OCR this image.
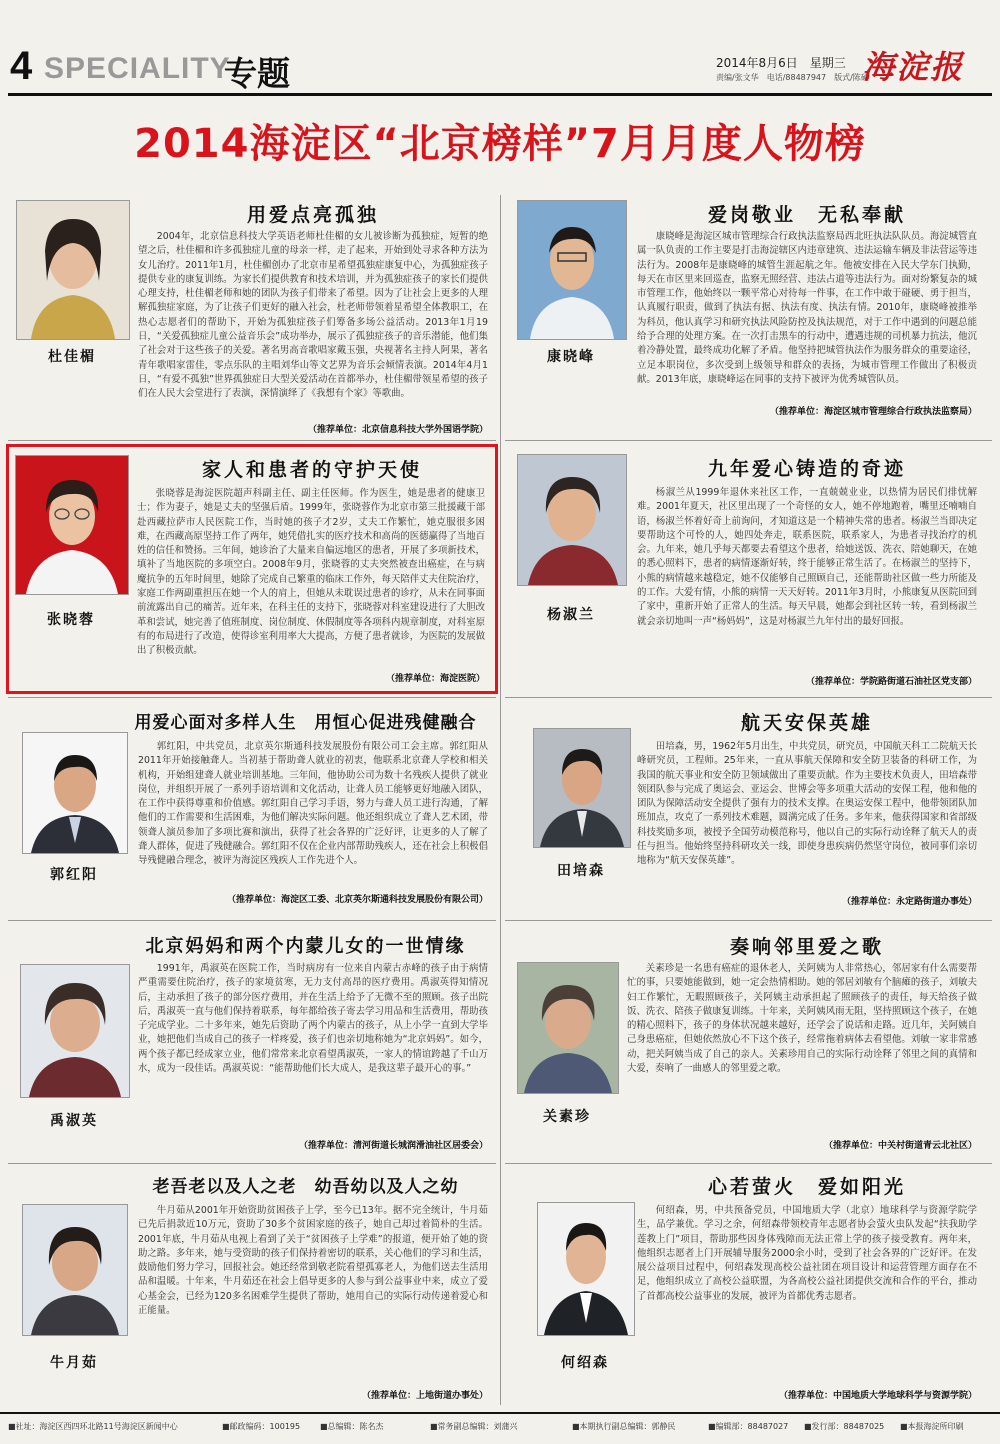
4 SPECIALITY
专题	2014年8月6日　星期三
责编/张文华　电话/88487947　版式/陈硕
海淀报
2014海淀区“北京榜样”7月月度人物榜
杜佳楣
用爱点亮孤独

2004年，北京信息科技大学英语老师杜佳楣的女儿被诊断为孤独症，短暂的绝望之后，杜佳楣和许多孤独症儿童的母亲一样，走了起来，开始到处寻求各种方法为女儿治疗。2011年1月，杜佳楣创办了北京市星希望孤独症康复中心，为孤独症孩子提供专业的康复训练。为家长们提供教育和技术培训，并为孤独症孩子的家长们提供心理支持，杜佳楣老师和她的团队为孩子们带来了希望。因为了让社会上更多的人理解孤独症家庭，为了让孩子们更好的融入社会，杜老师带领着星希望全体教职工，在热心志愿者们的帮助下，开始为孤独症孩子们筹备多场公益活动。2013年1月19日，“关爱孤独症儿童公益音乐会”成功举办，展示了孤独症孩子的音乐潜能，他们集了社会对于这些孩子的关爱。著名男高音歌唱家戴玉强，央视著名主持人阿果，著名青年歌唱家雷佳，零点乐队的主唱刘华山等文艺界为音乐会倾情表演。2014年4月1日，“有爱不孤独”世界孤独症日大型关爱活动在首都举办，杜佳楣带领星希望的孩子们在人民大会堂进行了表演，深情演绎了《我想有个家》等歌曲。

（推荐单位：北京信息科技大学外国语学院）
康晓峰
爱岗敬业　无私奉献

康晓峰是海淀区城市管理综合行政执法监察局西北旺执法队队员。海淀城管直属一队负责的工作主要是打击海淀辖区内违章建筑、违法运输车辆及非法营运等违法行为。2008年是康晓峰的城管生涯起航之年。他被安排在入民大学东门执勤，每天在市区里来回巡查，监察无照经营、违法占道等违法行为。面对纷繁复杂的城市管理工作，他始终以一颗平常心对待每一件事，在工作中敢于碰硬、勇于担当，认真履行职责，做到了执法有据、执法有度、执法有情。2010年，康晓峰被推举为科员，他认真学习和研究执法风险防控及执法规范，对于工作中遇到的问题总能给予合理的处理方案。在一次打击黑车的行动中，遭遇违规的司机暴力抗法，他沉着冷静处置，最终成功化解了矛盾。他坚持把城管执法作为服务群众的重要途径，立足本职岗位，多次受到上级领导和群众的表扬，为城市管理工作做出了积极贡献。2013年底，康晓峰运在同事的支持下被评为优秀城管队员。

（推荐单位：海淀区城市管理综合行政执法监察局）
张晓蓉
家人和患者的守护天使

张晓蓉是海淀医院超声科副主任、副主任医师。作为医生，她是患者的健康卫士；作为妻子，她是丈夫的坚强后盾。1999年，张晓蓉作为北京市第三批援藏干部赴西藏拉萨市人民医院工作，当时她的孩子才2岁，丈夫工作繁忙，她克服很多困难，在西藏高原坚持工作了两年，她凭借扎实的医疗技术和高尚的医德赢得了当地百姓的信任和赞扬。三年间，她诊治了大量来自偏远地区的患者，开展了多项新技术，填补了当地医院的多项空白。2008年9月，张晓蓉的丈夫突然被查出癌症，在与病魔抗争的五年时间里，她除了完成自己繁重的临床工作外，每天陪伴丈夫住院治疗，家庭工作两副重担压在她一个人的肩上，但她从未耽误过患者的诊疗，从未在同事面前流露出自己的痛苦。近年来，在科主任的支持下，张晓蓉对科室建设进行了大胆改革和尝试，她完善了值班制度、岗位制度、休假制度等各项科内规章制度，对科室原有的布局进行了改造，使得诊室利用率大大提高，方便了患者就诊，为医院的发展做出了积极贡献。

（推荐单位：海淀医院）
杨淑兰
九年爱心铸造的奇迹

杨淑兰从1999年退休来社区工作，一直兢兢业业，以热情为居民们排忧解难。2001年夏天，社区里出现了一个奇怪的女人，她不停地跑着，嘴里还喃喃自语，杨淑兰怀着好奇上前询问，才知道这是一个精神失常的患者。杨淑兰当即决定要帮助这个可怜的人，她四处奔走，联系医院，联系家人，为患者寻找治疗的机会。九年来，她几乎每天都要去看望这个患者，给她送饭、洗衣、陪她聊天，在她的悉心照料下，患者的病情逐渐好转，终于能够正常生活了。在杨淑兰的坚持下，小熊的病情越来越稳定，她不仅能够自己照顾自己，还能帮助社区做一些力所能及的工作。大爱有情，小熊的病情一天天好转。2011年3月时，小熊康复从医院回到了家中，重新开始了正常人的生活。每天早晨，她都会到社区转一转，看到杨淑兰就会亲切地叫一声“杨妈妈”，这是对杨淑兰九年付出的最好回报。

（推荐单位：学院路街道石油社区党支部）
郭红阳
用爱心面对多样人生　用恒心促进残健融合

郭红阳，中共党员，北京英尔斯通科技发展股份有限公司工会主席。郭红阳从2011年开始接触聋人。当初基于帮助聋人就业的初衷，他联系北京聋人学校和相关机构，开始组建聋人就业培训基地。三年间，他协助公司为数十名残疾人提供了就业岗位，并组织开展了一系列手语培训和文化活动，让聋人员工能够更好地融入团队，在工作中获得尊重和价值感。郭红阳自己学习手语，努力与聋人员工进行沟通，了解他们的工作需要和生活困难，为他们解决实际问题。他还组织成立了聋人艺术团，带领聋人演员参加了多项比赛和演出，获得了社会各界的广泛好评，让更多的人了解了聋人群体，促进了残健融合。郭红阳不仅在企业内部帮助残疾人，还在社会上积极倡导残健融合理念，被评为海淀区残疾人工作先进个人。

（推荐单位：海淀区工委、北京英尔斯通科技发展股份有限公司）
田培森
航天安保英雄

田培森，男，1962年5月出生，中共党员，研究员，中国航天科工二院航天长峰研究员，工程师。25年来，一直从事航天保障和安全防卫装备的科研工作，为我国的航天事业和安全防卫领域做出了重要贡献。作为主要技术负责人，田培森带领团队参与完成了奥运会、亚运会、世博会等多项重大活动的安保工程，他和他的团队为保障活动安全提供了强有力的技术支撑。在奥运安保工程中，他带领团队加班加点，攻克了一系列技术难题，圆满完成了任务。多年来，他获得国家和省部级科技奖励多项，被授予全国劳动模范称号，他以自己的实际行动诠释了航天人的责任与担当。他始终坚持科研攻关一线，即使身患疾病仍然坚守岗位，被同事们亲切地称为“航天安保英雄”。

（推荐单位：永定路街道办事处）
禹淑英
北京妈妈和两个内蒙儿女的一世情缘

1991年，禹淑英在医院工作，当时病房有一位来自内蒙古赤峰的孩子由于病情严重需要住院治疗，孩子的家境贫寒，无力支付高昂的医疗费用。禹淑英得知情况后，主动承担了孩子的部分医疗费用，并在生活上给予了无微不至的照顾。孩子出院后，禹淑英一直与他们保持着联系，每年都给孩子寄去学习用品和生活费用，帮助孩子完成学业。二十多年来，她先后资助了两个内蒙古的孩子，从上小学一直到大学毕业，她把他们当成自己的孩子一样疼爱，孩子们也亲切地称她为“北京妈妈”。如今，两个孩子都已经成家立业，他们常常来北京看望禹淑英，一家人的情谊跨越了千山万水，成为一段佳话。禹淑英说：“能帮助他们长大成人，是我这辈子最开心的事。”

（推荐单位：清河街道长城润滑油社区居委会）
关素珍
奏响邻里爱之歌

关素珍是一名患有癌症的退休老人，关阿姨为人非常热心，邻居家有什么需要帮忙的事，只要她能做到，她一定会热情相助。她的邻居刘敏有个脑瘫的孩子，刘敏夫妇工作繁忙，无暇照顾孩子，关阿姨主动承担起了照顾孩子的责任，每天给孩子做饭、洗衣、陪孩子做康复训练。十年来，关阿姨风雨无阻，坚持照顾这个孩子，在她的精心照料下，孩子的身体状况越来越好，还学会了说话和走路。近几年，关阿姨自己身患癌症，但她依然放心不下这个孩子，经常拖着病体去看望他。刘敏一家非常感动，把关阿姨当成了自己的亲人。关素珍用自己的实际行动诠释了邻里之间的真情和大爱，奏响了一曲感人的邻里爱之歌。

（推荐单位：中关村街道青云北社区）
牛月茹
老吾老以及人之老　幼吾幼以及人之幼

牛月茹从2001年开始资助贫困孩子上学，至今已13年。据不完全统计，牛月茹已先后捐款近10万元，资助了30多个贫困家庭的孩子，她自己却过着简朴的生活。2001年底，牛月茹从电视上看到了关于“贫困孩子上学难”的报道，便开始了她的资助之路。多年来，她与受资助的孩子们保持着密切的联系，关心他们的学习和生活，鼓励他们努力学习，回报社会。她还经常到敬老院看望孤寡老人，为他们送去生活用品和温暖。十年来，牛月茹还在社会上倡导更多的人参与到公益事业中来，成立了爱心基金会，已经为120多名困难学生提供了帮助，她用自己的实际行动传递着爱心和正能量。

（推荐单位：上地街道办事处）
何绍森
心若萤火　爱如阳光

何绍森，男，中共预备党员，中国地质大学（北京）地球科学与资源学院学生，品学兼优。学习之余，何绍森带领校青年志愿者协会萤火虫队发起“扶我助学莲教上门”项目，帮助那些因身体残障而无法正常上学的孩子接受教育。两年来，他组织志愿者上门开展辅导服务2000余小时，受到了社会各界的广泛好评。在发展公益项目过程中，何绍森发现高校公益社团在项目设计和运营管理方面存在不足，他组织成立了高校公益联盟，为各高校公益社团提供交流和合作的平台，推动了首都高校公益事业的发展，被评为首都优秀志愿者。

（推荐单位：中国地质大学地球科学与资源学院）
■社址：海淀区西四环北路11号海淀区新闻中心	■邮政编码：100195 ■总编辑：陈名杰	■常务副总编辑：刘蒲兴	■本期执行副总编辑：郭静民	■编辑部：88487027 ■发行部：88487025 ■本报海淀所印刷
